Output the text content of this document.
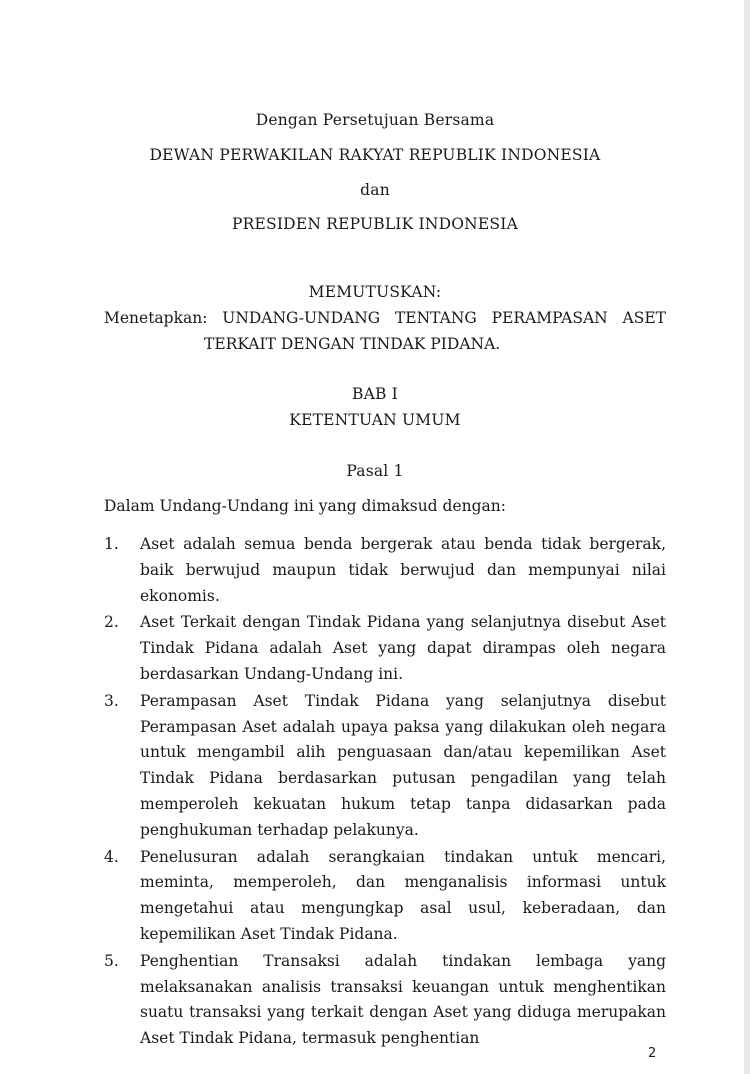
Dengan Persetujuan Bersama
DEWAN PERWAKILAN RAKYAT REPUBLIK INDONESIA
dan
PRESIDEN REPUBLIK INDONESIA
MEMUTUSKAN:
Menetapkan: UNDANG-UNDANG TENTANG PERAMPASAN ASET
TERKAIT DENGAN TINDAK PIDANA.
BAB I
KETENTUAN UMUM
Pasal 1
Dalam Undang-Undang ini yang dimaksud dengan:
1. Aset adalah semua benda bergerak atau benda tidak bergerak, baik berwujud maupun tidak berwujud dan mempunyai nilai ekonomis.
2. Aset Terkait dengan Tindak Pidana yang selanjutnya disebut Aset Tindak Pidana adalah Aset yang dapat dirampas oleh negara berdasarkan Undang-Undang ini.
3. Perampasan Aset Tindak Pidana yang selanjutnya disebut Perampasan Aset adalah upaya paksa yang dilakukan oleh negara untuk mengambil alih penguasaan dan/atau kepemilikan Aset Tindak Pidana berdasarkan putusan pengadilan yang telah memperoleh kekuatan hukum tetap tanpa didasarkan pada penghukuman terhadap pelakunya.
4. Penelusuran adalah serangkaian tindakan untuk mencari, meminta, memperoleh, dan menganalisis informasi untuk mengetahui atau mengungkap asal usul, keberadaan, dan kepemilikan Aset Tindak Pidana.
5. Penghentian Transaksi adalah tindakan lembaga yang melaksanakan analisis transaksi keuangan untuk menghentikan suatu transaksi yang terkait dengan Aset yang diduga merupakan Aset Tindak Pidana, termasuk penghentian
2
